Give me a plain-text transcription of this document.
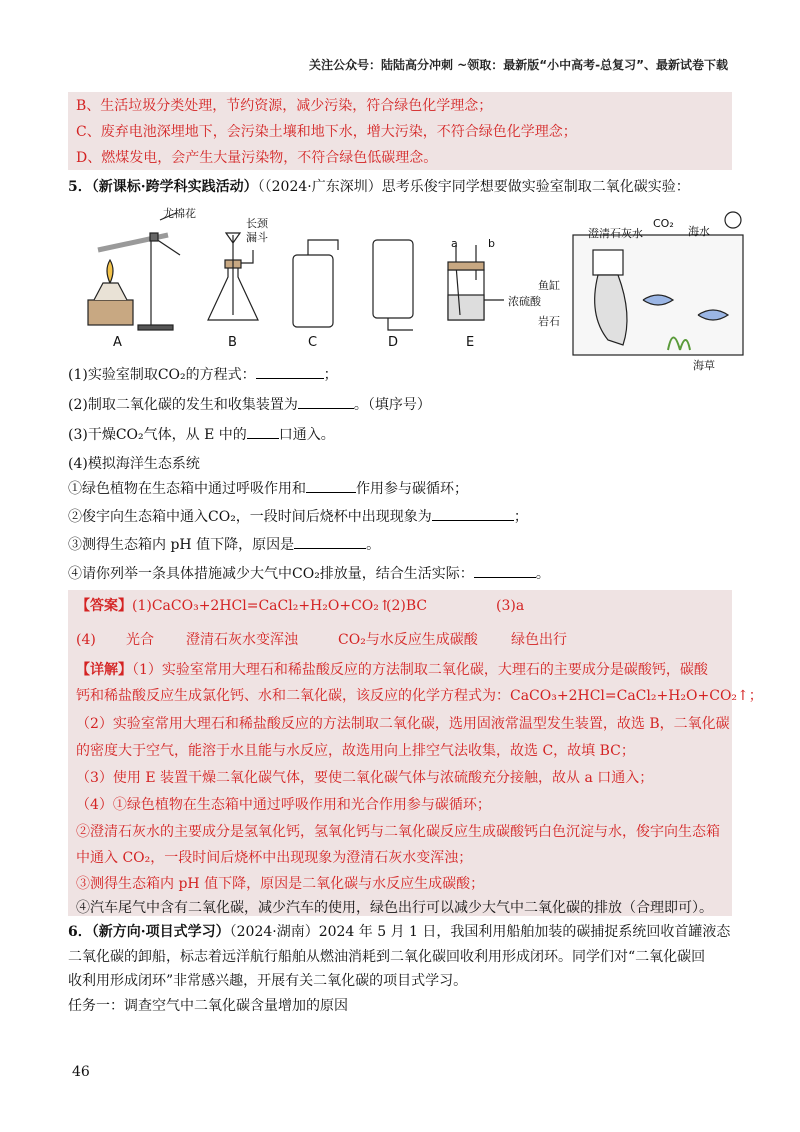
关注公众号：陆陆高分冲刺 ~领取：最新版“小中高考-总复习”、最新试卷下载
B、生活垃圾分类处理，节约资源，减少污染，符合绿色化学理念；
C、废弃电池深埋地下，会污染土壤和地下水，增大污染，不符合绿色化学理念；
D、燃煤发电，会产生大量污染物，不符合绿色低碳理念。
5．（新课标·跨学科实践活动）（（2024·广东深圳）思考乐俊宇同学想要做实验室制取二氧化碳实验：
尤棉花
长颈
漏斗	a	b
浓硫酸
A	B	C	D	E
澄清石灰水
CO₂
海水
鱼缸
岩石
海草
(1)实验室制取CO₂的方程式：	；
(2)制取二氧化碳的发生和收集装置为	。（填序号）
(3)干燥CO₂气体，从 E 中的 口通入。
(4)模拟海洋生态系统
①绿色植物在生态箱中通过呼吸作用和	作用参与碳循环；
②俊宇向生态箱中通入CO₂，一段时间后烧杯中出现现象为	；
③测得生态箱内 pH 值下降，原因是	。
④请你列举一条具体措施减少大气中CO₂排放量，结合生活实际：	。
【答案】(1)CaCO₃+2HCl=CaCl₂+H₂O+CO₂↑
(2)BC	(3)a
(4) 光合 澄清石灰水变浑浊	CO₂与水反应生成碳酸 绿色出行
【详解】（1）实验室常用大理石和稀盐酸反应的方法制取二氧化碳，大理石的主要成分是碳酸钙，碳酸
钙和稀盐酸反应生成氯化钙、水和二氧化碳，该反应的化学方程式为：CaCO₃+2HCl=CaCl₂+H₂O+CO₂↑；
（2）实验室常用大理石和稀盐酸反应的方法制取二氧化碳，选用固液常温型发生装置，故选 B，二氧化碳
的密度大于空气，能溶于水且能与水反应，故选用向上排空气法收集，故选 C，故填 BC；
（3）使用 E 装置干燥二氧化碳气体，要使二氧化碳气体与浓硫酸充分接触，故从 a 口通入；
（4）①绿色植物在生态箱中通过呼吸作用和光合作用参与碳循环；
②澄清石灰水的主要成分是氢氧化钙，氢氧化钙与二氧化碳反应生成碳酸钙白色沉淀与水，俊宇向生态箱
中通入 CO₂，一段时间后烧杯中出现现象为澄清石灰水变浑浊；
③测得生态箱内 pH 值下降，原因是二氧化碳与水反应生成碳酸；
④汽车尾气中含有二氧化碳，减少汽车的使用，绿色出行可以减少大气中二氧化碳的排放（合理即可）。
6．（新方向·项目式学习）（2024·湖南）2024 年 5 月 1 日，我国利用船舶加装的碳捕捉系统回收首罐液态
二氧化碳的卸船，标志着远洋航行船舶从燃油消耗到二氧化碳回收利用形成闭环。同学们对“二氧化碳回
收利用形成闭环”非常感兴趣，开展有关二氧化碳的项目式学习。
任务一：调查空气中二氧化碳含量增加的原因
46
